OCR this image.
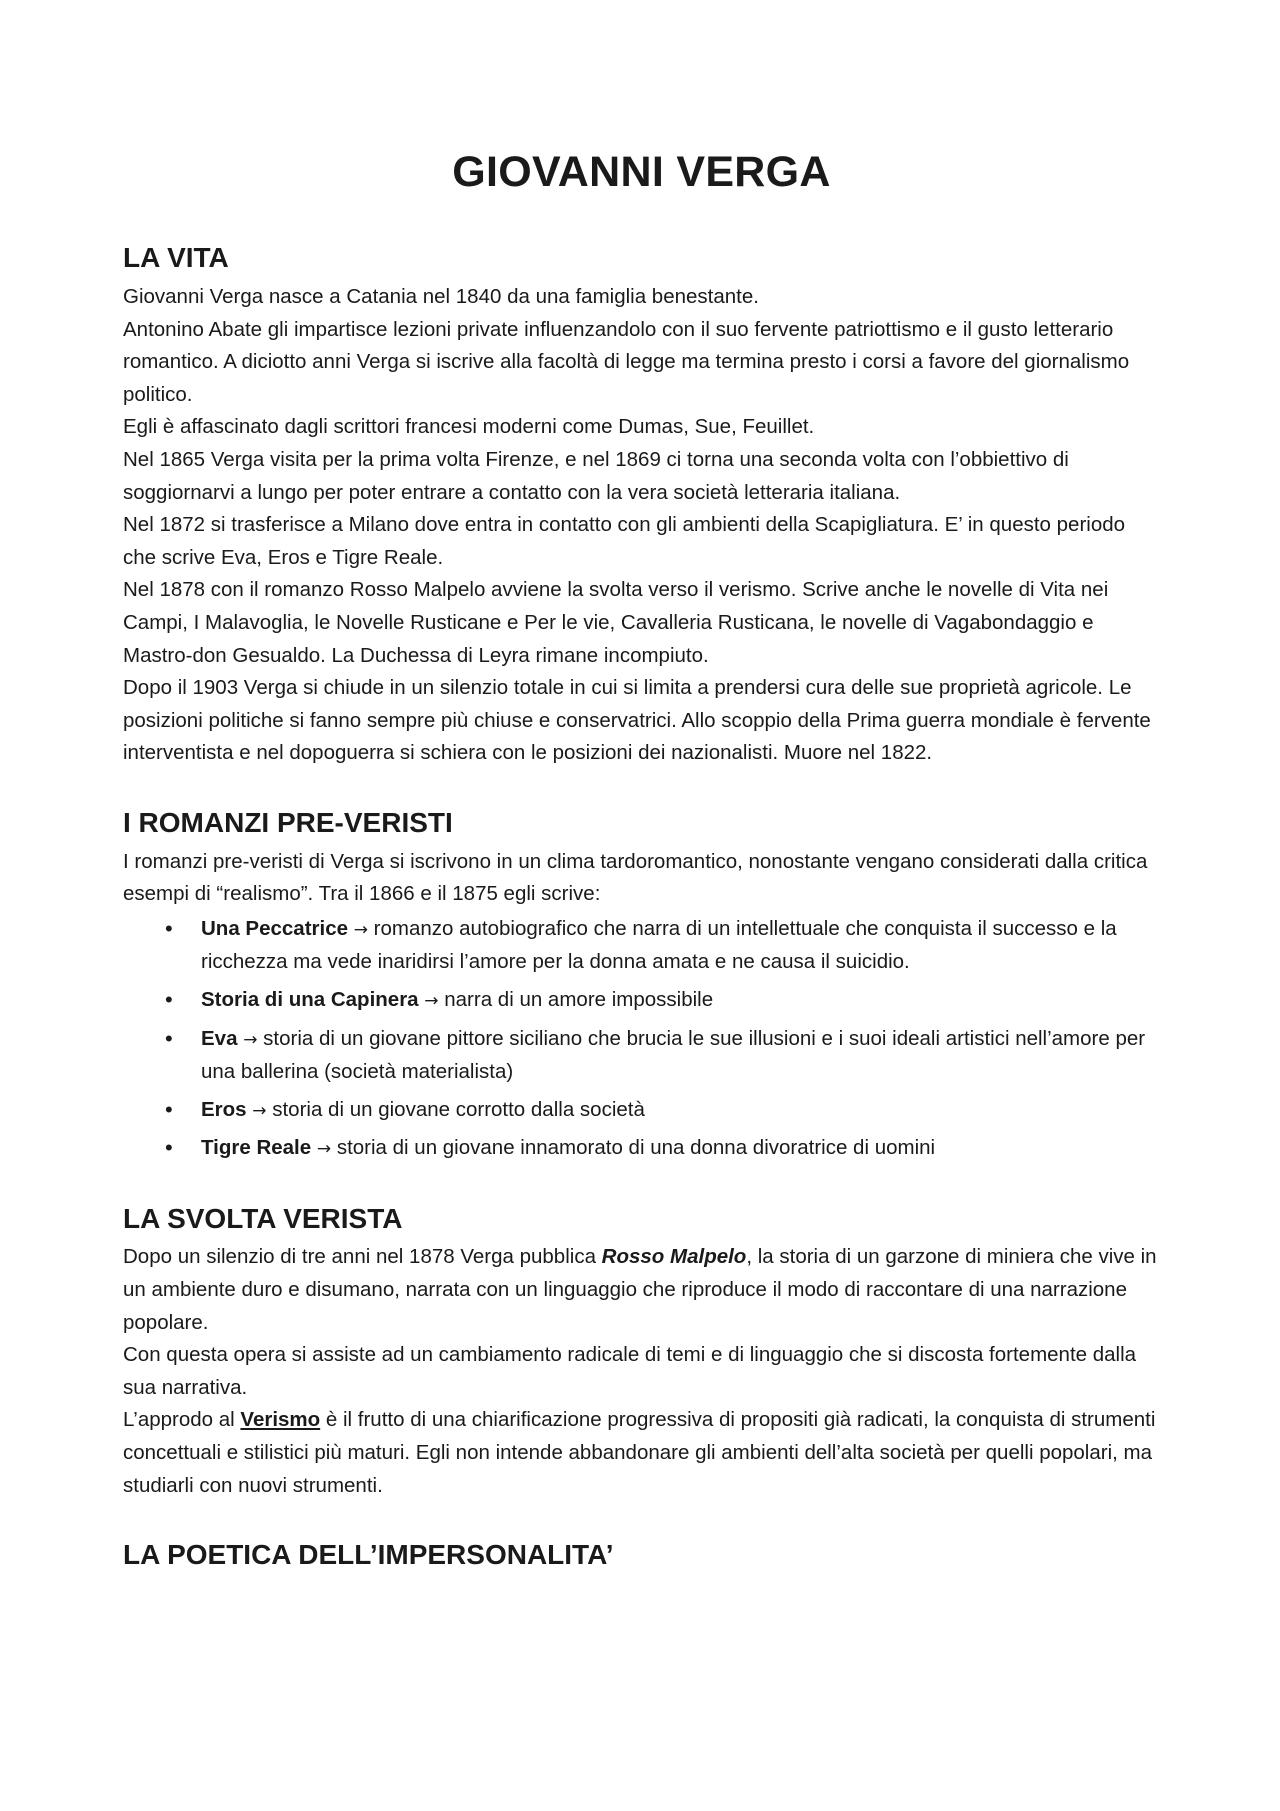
GIOVANNI VERGA
LA VITA

Giovanni Verga nasce a Catania nel 1840 da una famiglia benestante.

Antonino Abate gli impartisce lezioni private influenzandolo con il suo fervente patriottismo e il gusto letterario romantico. A diciotto anni Verga si iscrive alla facoltà di legge ma termina presto i corsi a favore del giornalismo politico.

Egli è affascinato dagli scrittori francesi moderni come Dumas, Sue, Feuillet.

Nel 1865 Verga visita per la prima volta Firenze, e nel 1869 ci torna una seconda volta con l’obbiettivo di soggiornarvi a lungo per poter entrare a contatto con la vera società letteraria italiana.

Nel 1872 si trasferisce a Milano dove entra in contatto con gli ambienti della Scapigliatura. E’ in questo periodo che scrive Eva, Eros e Tigre Reale.

Nel 1878 con il romanzo Rosso Malpelo avviene la svolta verso il verismo. Scrive anche le novelle di Vita nei Campi, I Malavoglia, le Novelle Rusticane e Per le vie, Cavalleria Rusticana, le novelle di Vagabondaggio e Mastro-don Gesualdo. La Duchessa di Leyra rimane incompiuto.

Dopo il 1903 Verga si chiude in un silenzio totale in cui si limita a prendersi cura delle sue proprietà agricole. Le posizioni politiche si fanno sempre più chiuse e conservatrici. Allo scoppio della Prima guerra mondiale è fervente interventista e nel dopoguerra si schiera con le posizioni dei nazionalisti. Muore nel 1822.

I ROMANZI PRE-VERISTI

I romanzi pre-veristi di Verga si iscrivono in un clima tardoromantico, nonostante vengano considerati dalla critica esempi di “realismo”. Tra il 1866 e il 1875 egli scrive:

• Una Peccatrice → romanzo autobiografico che narra di un intellettuale che conquista il successo e la ricchezza ma vede inaridirsi l’amore per la donna amata e ne causa il suicidio.
• Storia di una Capinera → narra di un amore impossibile
• Eva → storia di un giovane pittore siciliano che brucia le sue illusioni e i suoi ideali artistici nell’amore per una ballerina (società materialista)
• Eros → storia di un giovane corrotto dalla società
• Tigre Reale → storia di un giovane innamorato di una donna divoratrice di uomini
LA SVOLTA VERISTA

Dopo un silenzio di tre anni nel 1878 Verga pubblica Rosso Malpelo, la storia di un garzone di miniera che vive in un ambiente duro e disumano, narrata con un linguaggio che riproduce il modo di raccontare di una narrazione popolare.

Con questa opera si assiste ad un cambiamento radicale di temi e di linguaggio che si discosta fortemente dalla sua narrativa.

L’approdo al Verismo è il frutto di una chiarificazione progressiva di propositi già radicati, la conquista di strumenti concettuali e stilistici più maturi. Egli non intende abbandonare gli ambienti dell’alta società per quelli popolari, ma studiarli con nuovi strumenti.

LA POETICA DELL’IMPERSONALITA’
